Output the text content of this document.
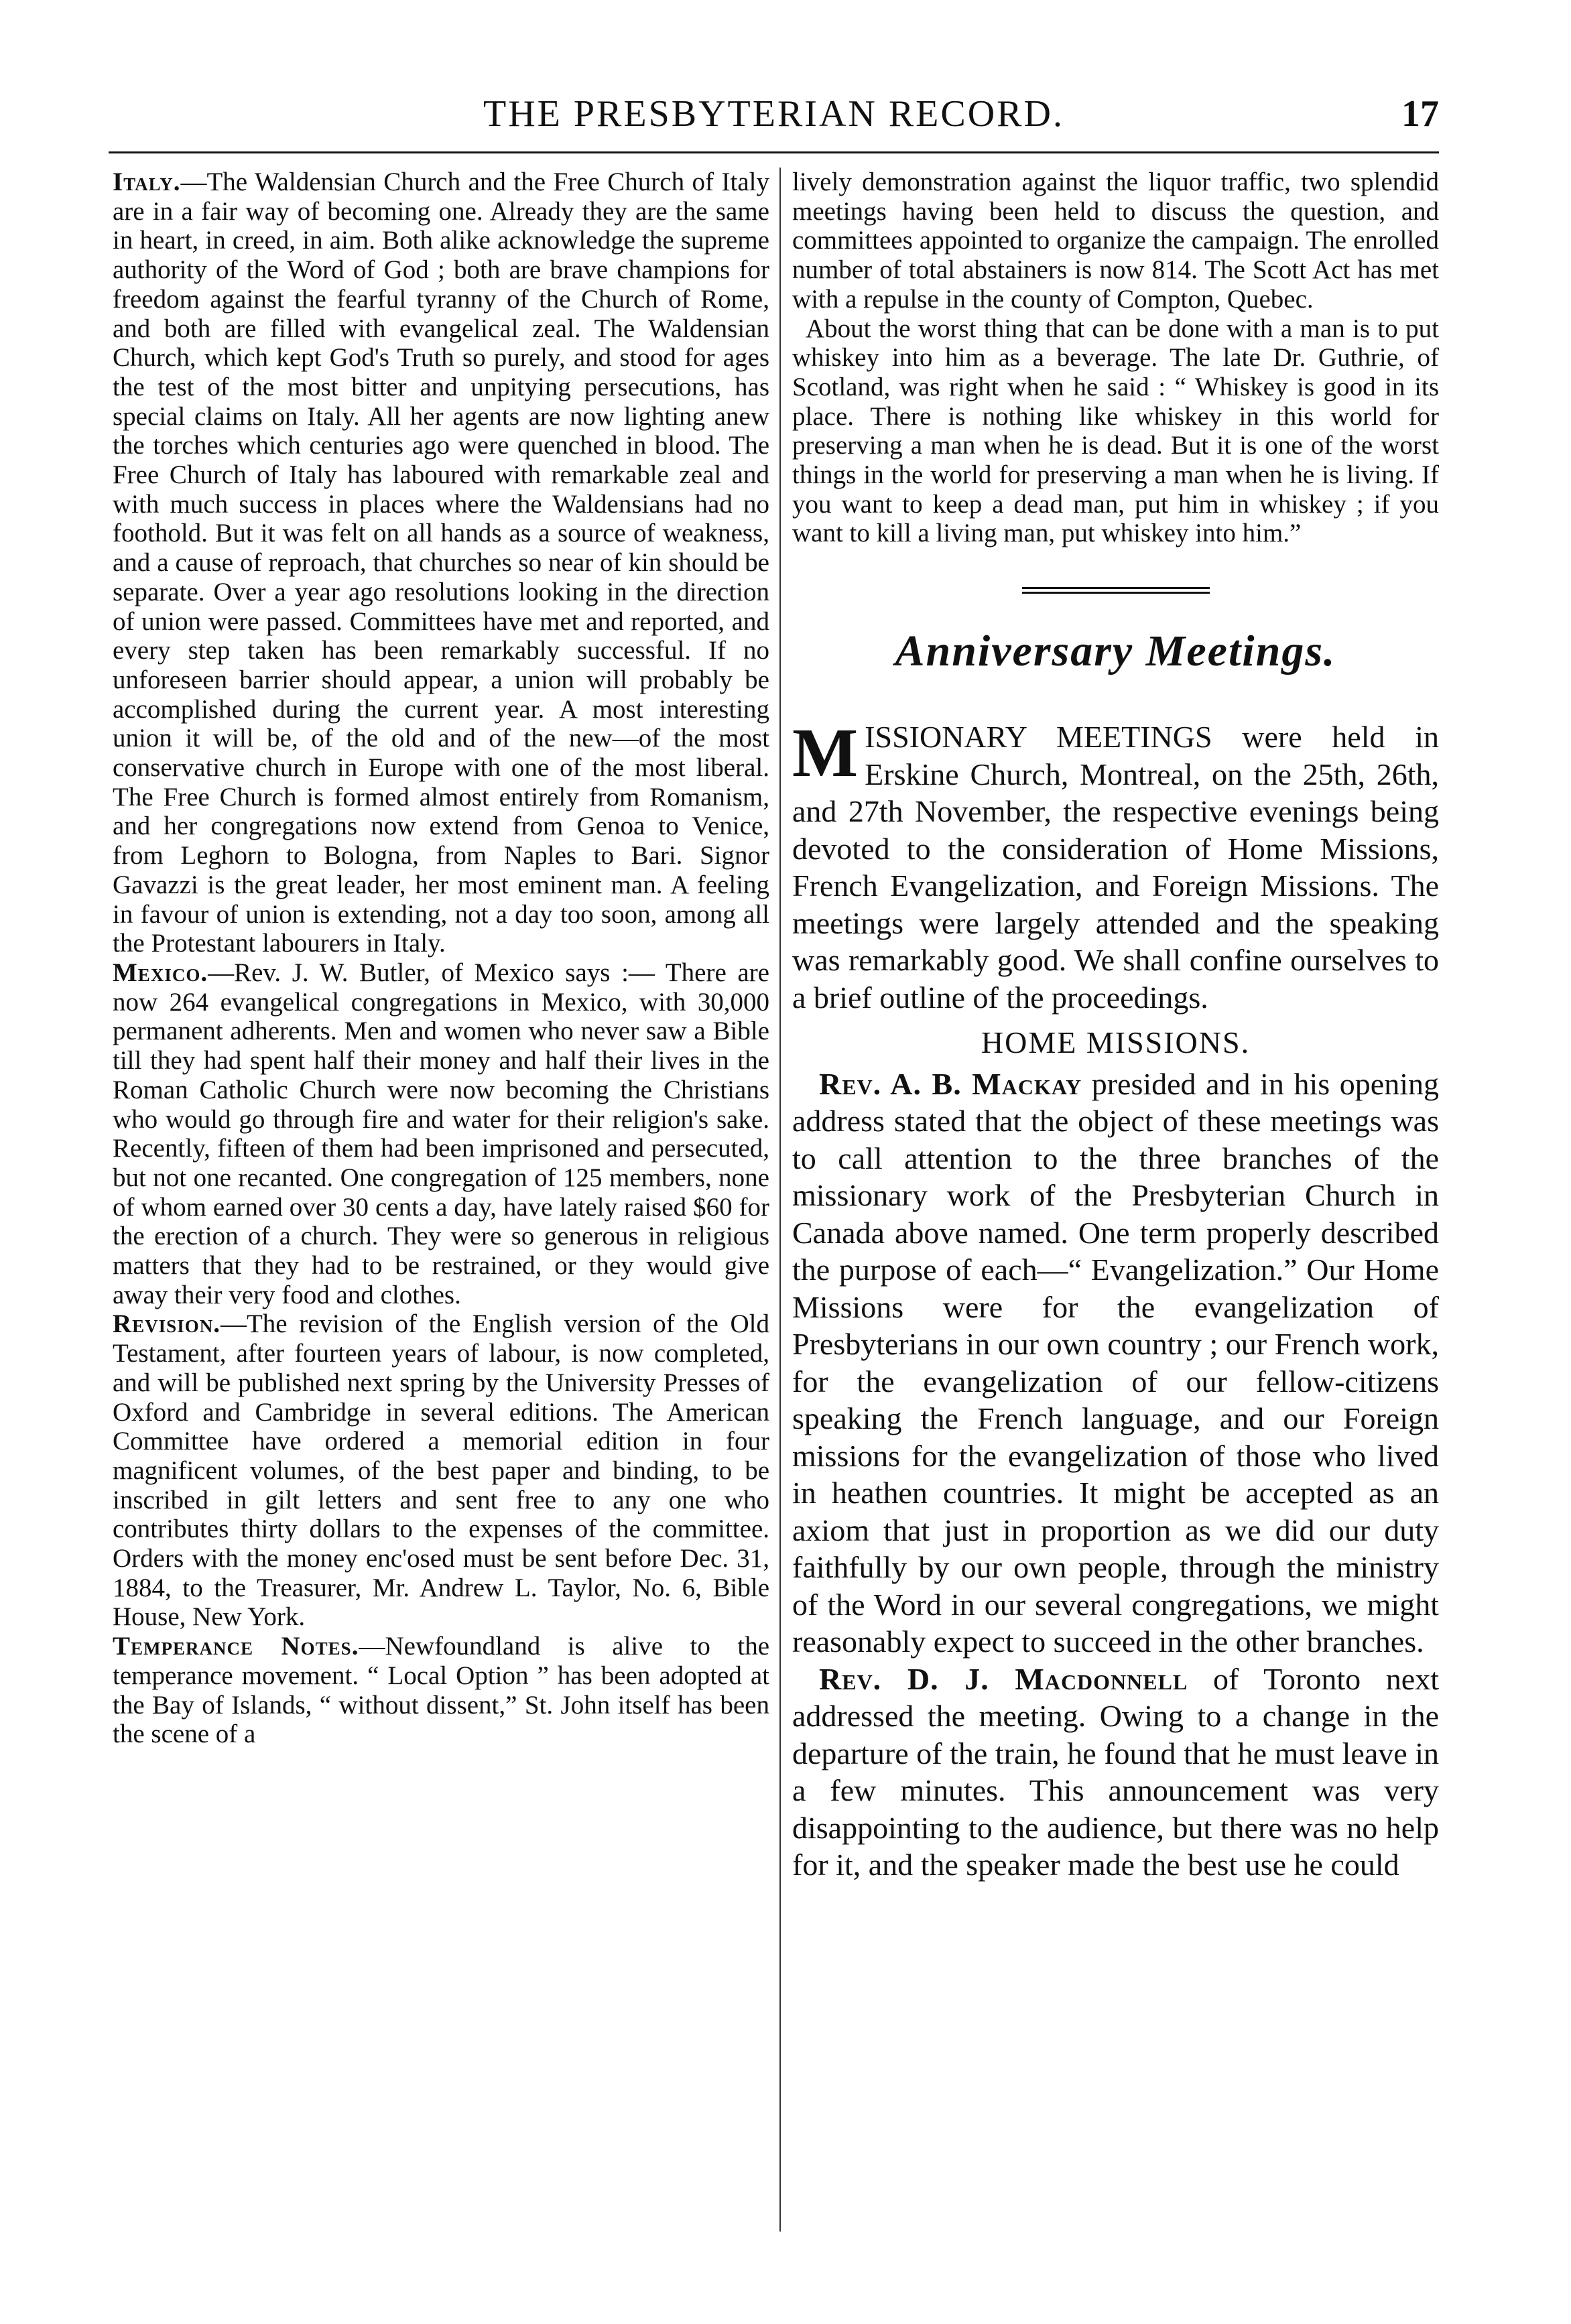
THE PRESBYTERIAN RECORD.	17

Italy.—The Waldensian Church and the Free Church of Italy are in a fair way of becoming one. Already they are the same in heart, in creed, in aim. Both alike acknowledge the supreme authority of the Word of God ; both are brave champions for freedom against the fearful tyranny of the Church of Rome, and both are filled with evangelical zeal. The Waldensian Church, which kept God's Truth so purely, and stood for ages the test of the most bitter and unpitying persecutions, has special claims on Italy. All her agents are now lighting anew the torches which centuries ago were quenched in blood. The Free Church of Italy has laboured with remarkable zeal and with much success in places where the Waldensians had no foothold. But it was felt on all hands as a source of weakness, and a cause of reproach, that churches so near of kin should be separate. Over a year ago resolutions looking in the direction of union were passed. Committees have met and reported, and every step taken has been remarkably successful. If no unforeseen barrier should appear, a union will probably be accomplished during the current year. A most interesting union it will be, of the old and of the new—of the most conservative church in Europe with one of the most liberal. The Free Church is formed almost entirely from Romanism, and her congregations now extend from Genoa to Venice, from Leghorn to Bologna, from Naples to Bari. Signor Gavazzi is the great leader, her most eminent man. A feeling in favour of union is extending, not a day too soon, among all the Protestant labourers in Italy.

Mexico.—Rev. J. W. Butler, of Mexico says :— There are now 264 evangelical congregations in Mexico, with 30,000 permanent adherents. Men and women who never saw a Bible till they had spent half their money and half their lives in the Roman Catholic Church were now becoming the Christians who would go through fire and water for their religion's sake. Recently, fifteen of them had been imprisoned and persecuted, but not one recanted. One congregation of 125 members, none of whom earned over 30 cents a day, have lately raised $60 for the erection of a church. They were so generous in religious matters that they had to be restrained, or they would give away their very food and clothes.

Revision.—The revision of the English version of the Old Testament, after fourteen years of labour, is now completed, and will be published next spring by the University Presses of Oxford and Cambridge in several editions. The American Committee have ordered a memorial edition in four magnificent volumes, of the best paper and binding, to be inscribed in gilt letters and sent free to any one who contributes thirty dollars to the expenses of the committee. Orders with the money enc'osed must be sent before Dec. 31, 1884, to the Treasurer, Mr. Andrew L. Taylor, No. 6, Bible House, New York.

Temperance Notes.—Newfoundland is alive to the temperance movement. “ Local Option ” has been adopted at the Bay of Islands, “ without dissent,” St. John itself has been the scene of a

lively demonstration against the liquor traffic, two splendid meetings having been held to discuss the question, and committees appointed to organize the campaign. The enrolled number of total abstainers is now 814. The Scott Act has met with a repulse in the county of Compton, Quebec.

About the worst thing that can be done with a man is to put whiskey into him as a beverage. The late Dr. Guthrie, of Scotland, was right when he said : “ Whiskey is good in its place. There is nothing like whiskey in this world for preserving a man when he is dead. But it is one of the worst things in the world for preserving a man when he is living. If you want to keep a dead man, put him in whiskey ; if you want to kill a living man, put whiskey into him.”

Anniversary Meetings.

MISSIONARY MEETINGS were held in Erskine Church, Montreal, on the 25th, 26th, and 27th November, the respective evenings being devoted to the consideration of Home Missions, French Evangelization, and Foreign Missions. The meetings were largely attended and the speaking was remarkably good. We shall confine ourselves to a brief outline of the proceedings.

HOME MISSIONS.

Rev. A. B. Mackay presided and in his opening address stated that the object of these meetings was to call attention to the three branches of the missionary work of the Presbyterian Church in Canada above named. One term properly described the purpose of each—“ Evangelization.” Our Home Missions were for the evangelization of Presbyterians in our own country ; our French work, for the evangelization of our fellow-citizens speaking the French language, and our Foreign missions for the evangelization of those who lived in heathen countries. It might be accepted as an axiom that just in proportion as we did our duty faithfully by our own people, through the ministry of the Word in our several congregations, we might reasonably expect to succeed in the other branches.

Rev. D. J. Macdonnell of Toronto next addressed the meeting. Owing to a change in the departure of the train, he found that he must leave in a few minutes. This announcement was very disappointing to the audience, but there was no help for it, and the speaker made the best use he could
